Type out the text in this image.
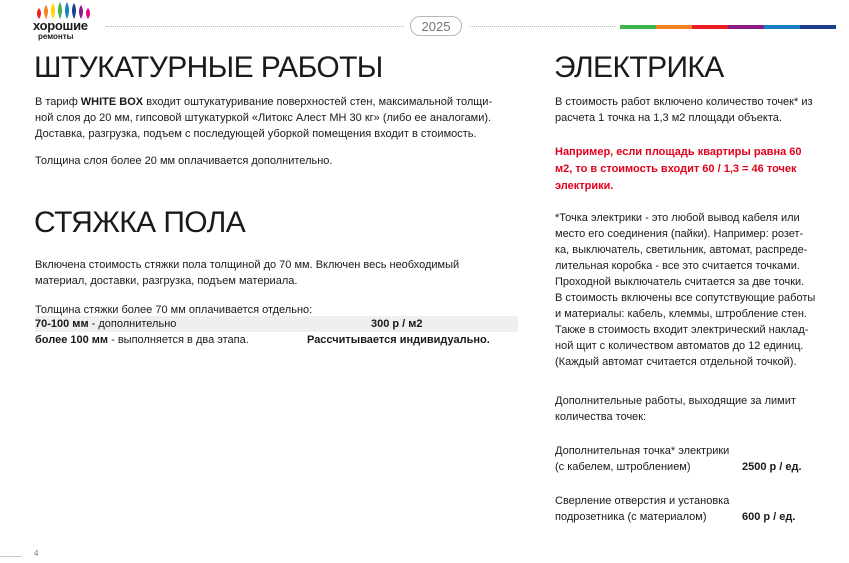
хорошие
ремонты
2025
ШТУКАТУРНЫЕ РАБОТЫ
В тариф WHITE BOX входит оштукатуривание поверхностей стен, максимальной толщи-
ной слоя до 20 мм, гипсовой штукатуркой «Литокс Алест МН 30 кг» (либо ее аналогами).
Доставка, разгрузка, подъем с последующей уборкой помещения входит в стоимость.
Толщина слоя более 20 мм оплачивается дополнительно.
СТЯЖКА ПОЛА
Включена стоимость стяжки пола толщиной до 70 мм. Включен весь необходимый
материал, доставки, разгрузка, подъем материала.
Толщина стяжки более 70 мм оплачивается отдельно:
70-100 мм - дополнительно	300 р / м2
более 100 мм - выполняется в два этапа.	Рассчитывается индивидуально.
ЭЛЕКТРИКА
В стоимость работ включено количество точек* из
расчета 1 точка на 1,3 м2 площади объекта.
Например, если площадь квартиры равна 60
м2, то в стоимость входит 60 / 1,3 = 46 точек
электрики.
*Точка электрики - это любой вывод кабеля или
место его соединения (пайки). Например: розет-
ка, выключатель, светильник, автомат, распреде-
лительная коробка - все это считается точками.
Проходной выключатель считается за две точки.
В стоимость включены все сопутствующие работы
и материалы: кабель, клеммы, штробление стен.
Также в стоимость входит электрический наклад-
ной щит с количеством автоматов до 12 единиц.
(Каждый автомат считается отдельной точкой).
Дополнительные работы, выходящие за лимит
количества точек:
Дополнительная точка* электрики
(с кабелем, штроблением)	2500 р / ед.
Сверление отверстия и установка
подрозетника (с материалом)	600 р / ед.
4
